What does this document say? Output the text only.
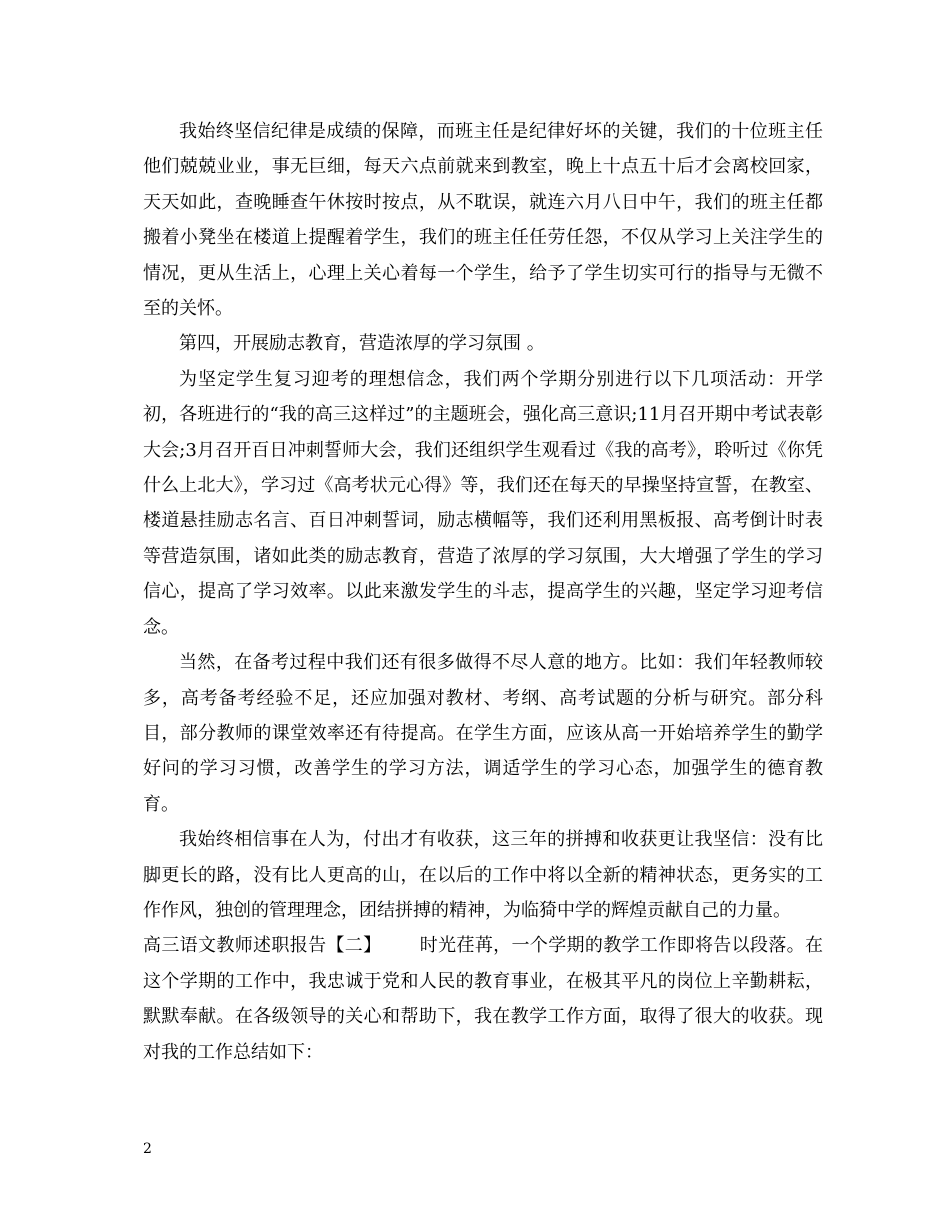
我始终坚信纪律是成绩的保障，而班主任是纪律好坏的关键，我们的十位班主任他们兢兢业业，事无巨细，每天六点前就来到教室，晚上十点五十后才会离校回家，天天如此，查晚睡查午休按时按点，从不耽误，就连六月八日中午，我们的班主任都搬着小凳坐在楼道上提醒着学生，我们的班主任任劳任怨，不仅从学习上关注学生的情况，更从生活上，心理上关心着每一个学生，给予了学生切实可行的指导与无微不至的关怀。

第四，开展励志教育，营造浓厚的学习氛围 。

为坚定学生复习迎考的理想信念，我们两个学期分别进行以下几项活动：开学初，各班进行的“我的高三这样过”的主题班会，强化高三意识;11月召开期中考试表彰大会;3月召开百日冲刺誓师大会，我们还组织学生观看过《我的高考》，聆听过《你凭什么上北大》，学习过《高考状元心得》等，我们还在每天的早操坚持宣誓，在教室、楼道悬挂励志名言、百日冲刺誓词，励志横幅等，我们还利用黑板报、高考倒计时表等营造氛围，诸如此类的励志教育，营造了浓厚的学习氛围，大大增强了学生的学习信心，提高了学习效率。以此来激发学生的斗志，提高学生的兴趣，坚定学习迎考信念。

当然，在备考过程中我们还有很多做得不尽人意的地方。比如：我们年轻教师较多，高考备考经验不足，还应加强对教材、考纲、高考试题的分析与研究。部分科目，部分教师的课堂效率还有待提高。在学生方面，应该从高一开始培养学生的勤学好问的学习习惯，改善学生的学习方法，调适学生的学习心态，加强学生的德育教育。

我始终相信事在人为，付出才有收获，这三年的拼搏和收获更让我坚信：没有比脚更长的路，没有比人更高的山，在以后的工作中将以全新的精神状态，更务实的工作作风，独创的管理理念，团结拼搏的精神，为临猗中学的辉煌贡献自己的力量。

高三语文教师述职报告【二】 时光荏苒，一个学期的教学工作即将告以段落。在这个学期的工作中，我忠诚于党和人民的教育事业，在极其平凡的岗位上辛勤耕耘，默默奉献。在各级领导的关心和帮助下，我在教学工作方面，取得了很大的收获。现对我的工作总结如下：

2
